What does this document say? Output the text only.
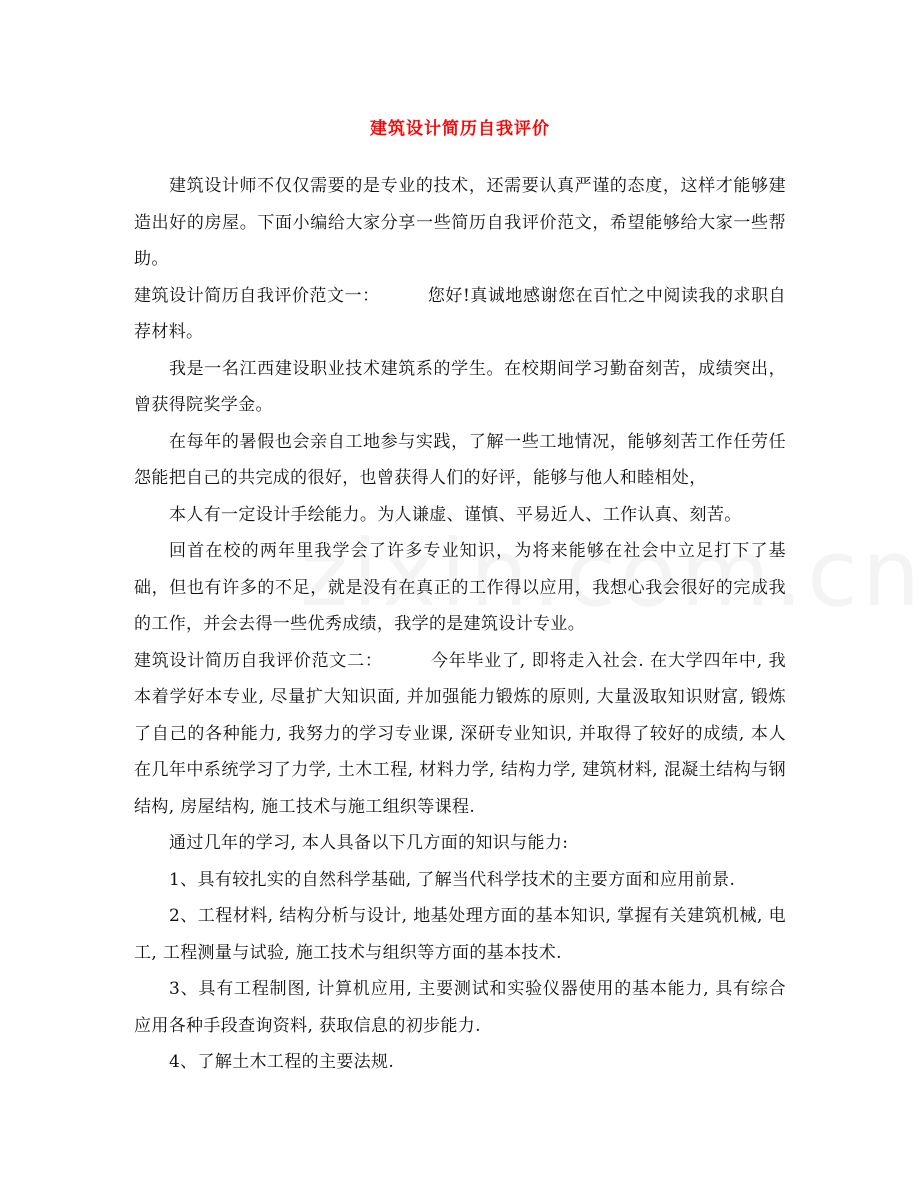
建筑设计简历自我评价

建筑设计师不仅仅需要的是专业的技术，还需要认真严谨的态度，这样才能够建造出好的房屋。下面小编给大家分享一些简历自我评价范文，希望能够给大家一些帮助。

建筑设计简历自我评价范文一：	您好!真诚地感谢您在百忙之中阅读我的求职自荐材料。

我是一名江西建设职业技术建筑系的学生。在校期间学习勤奋刻苦，成绩突出，曾获得院奖学金。

在每年的暑假也会亲自工地参与实践，了解一些工地情况，能够刻苦工作任劳任怨能把自己的共完成的很好，也曾获得人们的好评，能够与他人和睦相处，

本人有一定设计手绘能力。为人谦虚、谨慎、平易近人、工作认真、刻苦。

回首在校的两年里我学会了许多专业知识，为将来能够在社会中立足打下了基础，但也有许多的不足，就是没有在真正的工作得以应用，我想心我会很好的完成我的工作，并会去得一些优秀成绩，我学的是建筑设计专业。

建筑设计简历自我评价范文二：	今年毕业了, 即将走入社会. 在大学四年中, 我本着学好本专业, 尽量扩大知识面, 并加强能力锻炼的原则, 大量汲取知识财富, 锻炼了自己的各种能力, 我努力的学习专业课, 深研专业知识, 并取得了较好的成绩, 本人在几年中系统学习了力学, 土木工程, 材料力学, 结构力学, 建筑材料, 混凝土结构与钢结构, 房屋结构, 施工技术与施工组织等课程.

通过几年的学习, 本人具备以下几方面的知识与能力:

1、具有较扎实的自然科学基础, 了解当代科学技术的主要方面和应用前景.

2、工程材料, 结构分析与设计, 地基处理方面的基本知识, 掌握有关建筑机械, 电工, 工程测量与试验, 施工技术与组织等方面的基本技术.

3、具有工程制图, 计算机应用, 主要测试和实验仪器使用的基本能力, 具有综合应用各种手段查询资料, 获取信息的初步能力.

4、了解土木工程的主要法规.
